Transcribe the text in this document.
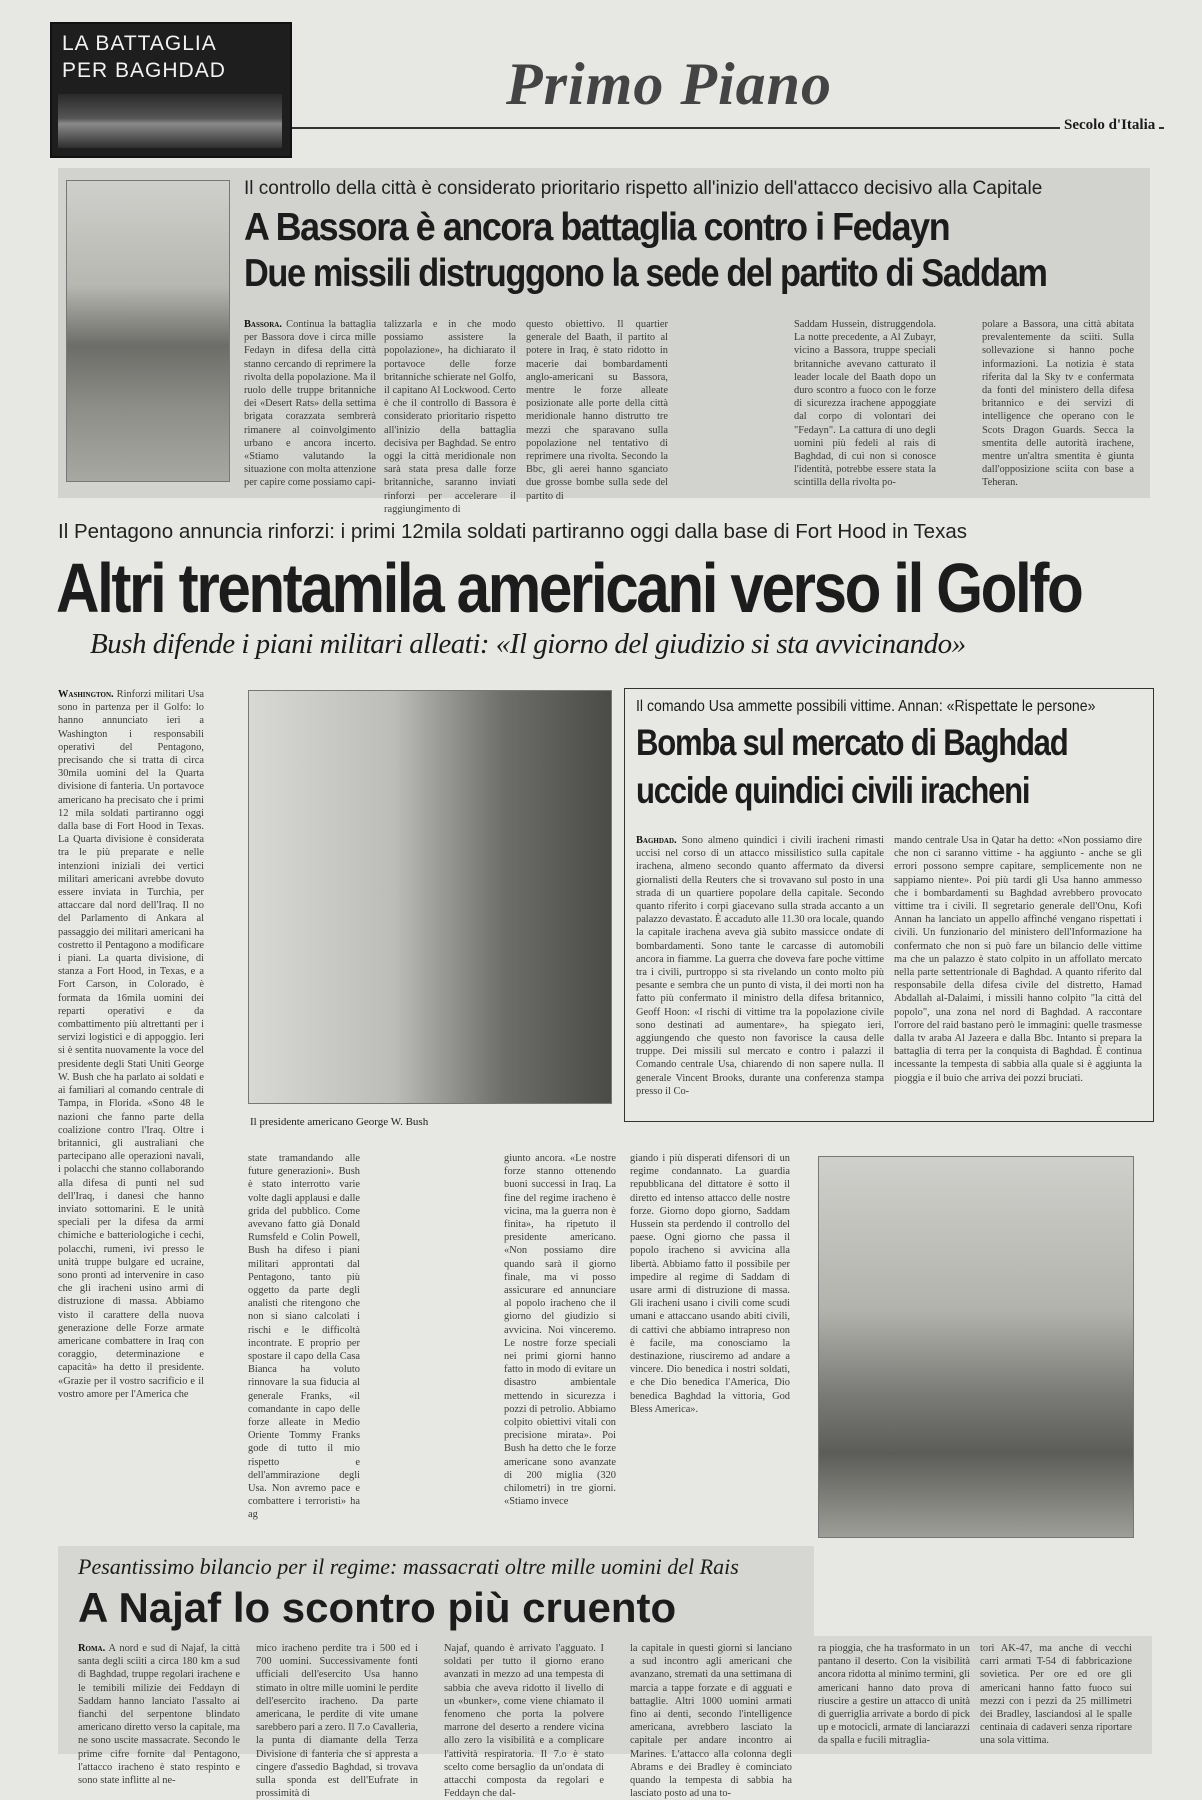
LA BATTAGLIA PER BAGHDAD	Primo Piano
Secolo d'Italia
Il controllo della città è considerato prioritario rispetto all'inizio dell'attacco decisivo alla Capitale
A Bassora è ancora battaglia contro i Fedayn
Due missili distruggono la sede del partito di Saddam
Bassora. Continua la battaglia per Bassora dove i circa mille Fedayn in difesa della città stanno cercando di reprimere la rivolta della popolazione. Ma il ruolo delle truppe britanniche dei «Desert Rats» della settima brigata corazzata sembrerà rimanere al coinvolgimento urbano e ancora incerto. «Stiamo valutando la situazione con molta attenzione per capire come possiamo capi-
talizzarla e in che modo possiamo assistere la popolazione», ha dichiarato il portavoce delle forze britanniche schierate nel Golfo, il capitano Al Lockwood. Certo è che il controllo di Bassora è considerato prioritario rispetto all'inizio della battaglia decisiva per Baghdad. Se entro oggi la città meridionale non sarà stata presa dalle forze britanniche, saranno inviati rinforzi per accelerare il raggiungimento di
questo obiettivo. Il quartier generale del Baath, il partito al potere in Iraq, è stato ridotto in macerie dai bombardamenti anglo-americani su Bassora, mentre le forze alleate posizionate alle porte della città meridionale hanno distrutto tre mezzi che sparavano sulla popolazione nel tentativo di reprimere una rivolta. Secondo la Bbc, gli aerei hanno sganciato due grosse bombe sulla sede del partito di
Saddam Hussein, distruggendola. La notte precedente, a Al Zubayr, vicino a Bassora, truppe speciali britanniche avevano catturato il leader locale del Baath dopo un duro scontro a fuoco con le forze di sicurezza irachene appoggiate dal corpo di volontari dei "Fedayn". La cattura di uno degli uomini più fedeli al rais di Baghdad, di cui non si conosce l'identità, potrebbe essere stata la scintilla della rivolta po-
polare a Bassora, una città abitata prevalentemente da sciiti. Sulla sollevazione si hanno poche informazioni. La notizia è stata riferita dal la Sky tv e confermata da fonti del ministero della difesa britannico e dei servizi di intelligence che operano con le Scots Dragon Guards. Secca la smentita delle autorità irachene, mentre un'altra smentita è giunta dall'opposizione sciita con base a Teheran.
Il Pentagono annuncia rinforzi: i primi 12mila soldati partiranno oggi dalla base di Fort Hood in Texas
Altri trentamila americani verso il Golfo
Bush difende i piani militari alleati: «Il giorno del giudizio si sta avvicinando»
Washington. Rinforzi militari Usa sono in partenza per il Golfo: lo hanno annunciato ieri a Washington i responsabili operativi del Pentagono, precisando che si tratta di circa 30mila uomini del la Quarta divisione di fanteria. Un portavoce americano ha precisato che i primi 12 mila soldati partiranno oggi dalla base di Fort Hood in Texas. La Quarta divisione è considerata tra le più preparate e nelle intenzioni iniziali dei vertici militari americani avrebbe dovuto essere inviata in Turchia, per attaccare dal nord dell'Iraq. Il no del Parlamento di Ankara al passaggio dei militari americani ha costretto il Pentagono a modificare i piani. La quarta divisione, di stanza a Fort Hood, in Texas, e a Fort Carson, in Colorado, è formata da 16mila uomini dei reparti operativi e da combattimento più altrettanti per i servizi logistici e di appoggio. Ieri si è sentita nuovamente la voce del presidente degli Stati Uniti George W. Bush che ha parlato ai soldati e ai familiari al comando centrale di Tampa, in Florida. «Sono 48 le nazioni che fanno parte della coalizione contro l'Iraq. Oltre i britannici, gli australiani che partecipano alle operazioni navali, i polacchi che stanno collaborando alla difesa di punti nel sud dell'Iraq, i danesi che hanno inviato sottomarini. E le unità speciali per la difesa da armi chimiche e batteriologiche i cechi, polacchi, rumeni, ivi presso le unità truppe bulgare ed ucraine, sono pronti ad intervenire in caso che gli iracheni usino armi di distruzione di massa. Abbiamo visto il carattere della nuova generazione delle Forze armate americane combattere in Iraq con coraggio, determinazione e capacità» ha detto il presidente. «Grazie per il vostro sacrificio e il vostro amore per l'America che
Il presidente americano George W. Bush
state tramandando alle future generazioni». Bush è stato interrotto varie volte dagli applausi e dalle grida del pubblico. Come avevano fatto già Donald Rumsfeld e Colin Powell, Bush ha difeso i piani militari approntati dal Pentagono, tanto più oggetto da parte degli analisti che ritengono che non si siano calcolati i rischi e le difficoltà incontrate. E proprio per spostare il capo della Casa Bianca ha voluto rinnovare la sua fiducia al generale Franks, «il comandante in capo delle forze alleate in Medio Oriente Tommy Franks gode di tutto il mio rispetto e dell'ammirazione degli Usa. Non avremo pace e combattere i terroristi» ha ag
giunto ancora. «Le nostre forze stanno ottenendo buoni successi in Iraq. La fine del regime iracheno è vicina, ma la guerra non è finita», ha ripetuto il presidente americano. «Non possiamo dire quando sarà il giorno finale, ma vi posso assicurare ed annunciare al popolo iracheno che il giorno del giudizio si avvicina. Noi vinceremo. Le nostre forze speciali nei primi giorni hanno fatto in modo di evitare un disastro ambientale mettendo in sicurezza i pozzi di petrolio. Abbiamo colpito obiettivi vitali con precisione mirata». Poi Bush ha detto che le forze americane sono avanzate di 200 miglia (320 chilometri) in tre giorni. «Stiamo invece
giando i più disperati difensori di un regime condannato. La guardia repubblicana del dittatore è sotto il diretto ed intenso attacco delle nostre forze. Giorno dopo giorno, Saddam Hussein sta perdendo il controllo del paese. Ogni giorno che passa il popolo iracheno si avvicina alla libertà. Abbiamo fatto il possibile per impedire al regime di Saddam di usare armi di distruzione di massa. Gli iracheni usano i civili come scudi umani e attaccano usando abiti civili, di cattivi che abbiamo intrapreso non è facile, ma conosciamo la destinazione, riusciremo ad andare a vincere. Dio benedica i nostri soldati, e che Dio benedica l'America, Dio benedica Baghdad la vittoria, God Bless America».
Il comando Usa ammette possibili vittime. Annan: «Rispettate le persone»
Bomba sul mercato di Baghdad
uccide quindici civili iracheni
Baghdad. Sono almeno quindici i civili iracheni rimasti uccisi nel corso di un attacco missilistico sulla capitale irachena, almeno secondo quanto affermato da diversi giornalisti della Reuters che si trovavano sul posto in una strada di un quartiere popolare della capitale. Secondo quanto riferito i corpi giacevano sulla strada accanto a un palazzo devastato. È accaduto alle 11.30 ora locale, quando la capitale irachena aveva già subito massicce ondate di bombardamenti. Sono tante le carcasse di automobili ancora in fiamme. La guerra che doveva fare poche vittime tra i civili, purtroppo si sta rivelando un conto molto più pesante e sembra che un punto di vista, il dei morti non ha fatto più confermato il ministro della difesa britannico, Geoff Hoon: «I rischi di vittime tra la popolazione civile sono destinati ad aumentare», ha spiegato ieri, aggiungendo che questo non favorisce la causa delle truppe. Dei missili sul mercato e contro i palazzi il Comando centrale Usa, chiarendo di non sapere nulla. Il generale Vincent Brooks, durante una conferenza stampa presso il Co-
mando centrale Usa in Qatar ha detto: «Non possiamo dire che non ci saranno vittime - ha aggiunto - anche se gli errori possono sempre capitare, semplicemente non ne sappiamo niente». Poi più tardi gli Usa hanno ammesso che i bombardamenti su Baghdad avrebbero provocato vittime tra i civili. Il segretario generale dell'Onu, Kofi Annan ha lanciato un appello affinché vengano rispettati i civili. Un funzionario del ministero dell'Informazione ha confermato che non si può fare un bilancio delle vittime ma che un palazzo è stato colpito in un affollato mercato nella parte settentrionale di Baghdad. A quanto riferito dal responsabile della difesa civile del distretto, Hamad Abdallah al-Dalaimi, i missili hanno colpito "la città del popolo", una zona nel nord di Baghdad. A raccontare l'orrore del raid bastano però le immagini: quelle trasmesse dalla tv araba Al Jazeera e dalla Bbc. Intanto si prepara la battaglia di terra per la conquista di Baghdad. È continua incessante la tempesta di sabbia alla quale si è aggiunta la pioggia e il buio che arriva dei pozzi bruciati.
Pesantissimo bilancio per il regime: massacrati oltre mille uomini del Rais
A Najaf lo scontro più cruento
Roma. A nord e sud di Najaf, la città santa degli sciiti a circa 180 km a sud di Baghdad, truppe regolari irachene e le temibili milizie dei Feddayn di Saddam hanno lanciato l'assalto ai fianchi del serpentone blindato americano diretto verso la capitale, ma ne sono uscite massacrate. Secondo le prime cifre fornite dal Pentagono, l'attacco iracheno è stato respinto e sono state inflitte al ne-
mico iracheno perdite tra i 500 ed i 700 uomini. Successivamente fonti ufficiali dell'esercito Usa hanno stimato in oltre mille uomini le perdite dell'esercito iracheno. Da parte americana, le perdite di vite umane sarebbero pari a zero. Il 7.o Cavalleria, la punta di diamante della Terza Divisione di fanteria che si appresta a cingere d'assedio Baghdad, si trovava sulla sponda est dell'Eufrate in prossimità di
Najaf, quando è arrivato l'agguato. I soldati per tutto il giorno erano avanzati in mezzo ad una tempesta di sabbia che aveva ridotto il livello di un «bunker», come viene chiamato il fenomeno che porta la polvere marrone del deserto a rendere vicina allo zero la visibilità e a complicare l'attività respiratoria. Il 7.o è stato scelto come bersaglio da un'ondata di attacchi composta da regolari e Feddayn che dal-
la capitale in questi giorni si lanciano a sud incontro agli americani che avanzano, stremati da una settimana di marcia a tappe forzate e di agguati e battaglie. Altri 1000 uomini armati fino ai denti, secondo l'intelligence americana, avrebbero lasciato la capitale per andare incontro ai Marines. L'attacco alla colonna degli Abrams e dei Bradley è cominciato quando la tempesta di sabbia ha lasciato posto ad una to-
ra pioggia, che ha trasformato in un pantano il deserto. Con la visibilità ancora ridotta al minimo termini, gli americani hanno dato prova di riuscire a gestire un attacco di unità di guerriglia arrivate a bordo di pick up e motocicli, armate di lanciarazzi da spalla e fucili mitraglia-
tori AK-47, ma anche di vecchi carri armati T-54 di fabbricazione sovietica. Per ore ed ore gli americani hanno fatto fuoco sui mezzi con i pezzi da 25 millimetri dei Bradley, lasciandosi al le spalle centinaia di cadaveri senza riportare una sola vittima.
